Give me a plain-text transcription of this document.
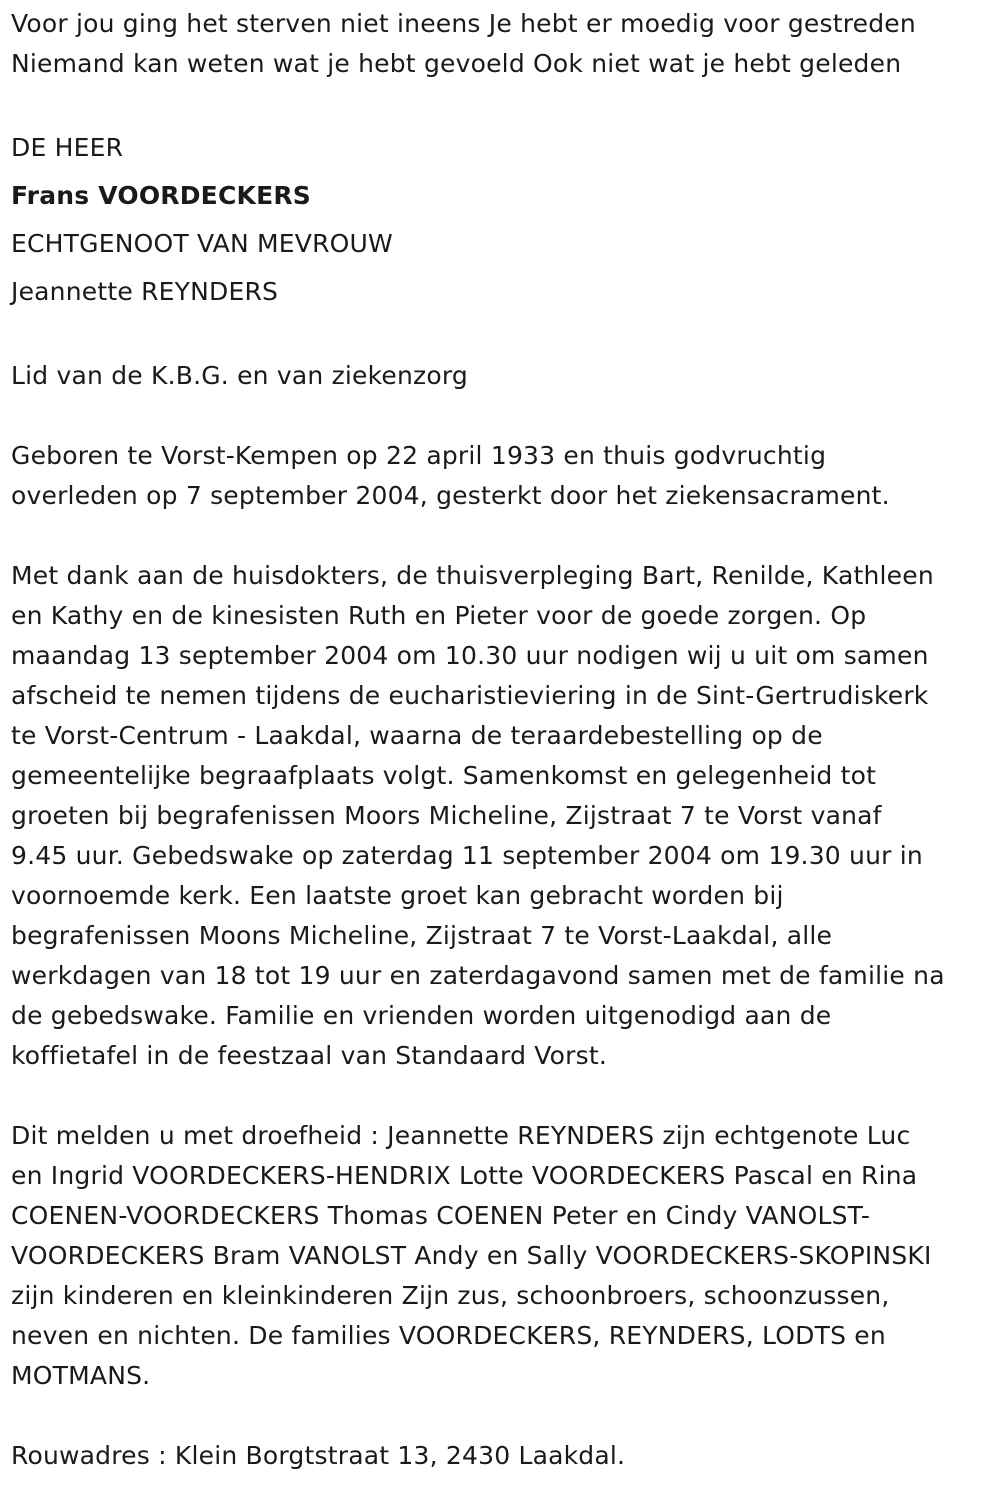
Voor jou ging het sterven niet ineens Je hebt er moedig voor gestreden

Niemand kan weten wat je hebt gevoeld Ook niet wat je hebt geleden

DE HEER

Frans VOORDECKERS

ECHTGENOOT VAN MEVROUW

Jeannette REYNDERS

Lid van de K.B.G. en van ziekenzorg

Geboren te Vorst-Kempen op 22 april 1933 en thuis godvruchtig

overleden op 7 september 2004, gesterkt door het ziekensacrament.

Met dank aan de huisdokters, de thuisverpleging Bart, Renilde, Kathleen

en Kathy en de kinesisten Ruth en Pieter voor de goede zorgen. Op

maandag 13 september 2004 om 10.30 uur nodigen wij u uit om samen

afscheid te nemen tijdens de eucharistieviering in de Sint-Gertrudiskerk

te Vorst-Centrum - Laakdal, waarna de teraardebestelling op de

gemeentelijke begraafplaats volgt. Samenkomst en gelegenheid tot

groeten bij begrafenissen Moors Micheline, Zijstraat 7 te Vorst vanaf

9.45 uur. Gebedswake op zaterdag 11 september 2004 om 19.30 uur in

voornoemde kerk. Een laatste groet kan gebracht worden bij

begrafenissen Moons Micheline, Zijstraat 7 te Vorst-Laakdal, alle

werkdagen van 18 tot 19 uur en zaterdagavond samen met de familie na

de gebedswake. Familie en vrienden worden uitgenodigd aan de

koffietafel in de feestzaal van Standaard Vorst.

Dit melden u met droefheid : Jeannette REYNDERS zijn echtgenote Luc

en Ingrid VOORDECKERS-HENDRIX Lotte VOORDECKERS Pascal en Rina

COENEN-VOORDECKERS Thomas COENEN Peter en Cindy VANOLST-

VOORDECKERS Bram VANOLST Andy en Sally VOORDECKERS-SKOPINSKI

zijn kinderen en kleinkinderen Zijn zus, schoonbroers, schoonzussen,

neven en nichten. De families VOORDECKERS, REYNDERS, LODTS en

MOTMANS.

Rouwadres : Klein Borgtstraat 13, 2430 Laakdal.
